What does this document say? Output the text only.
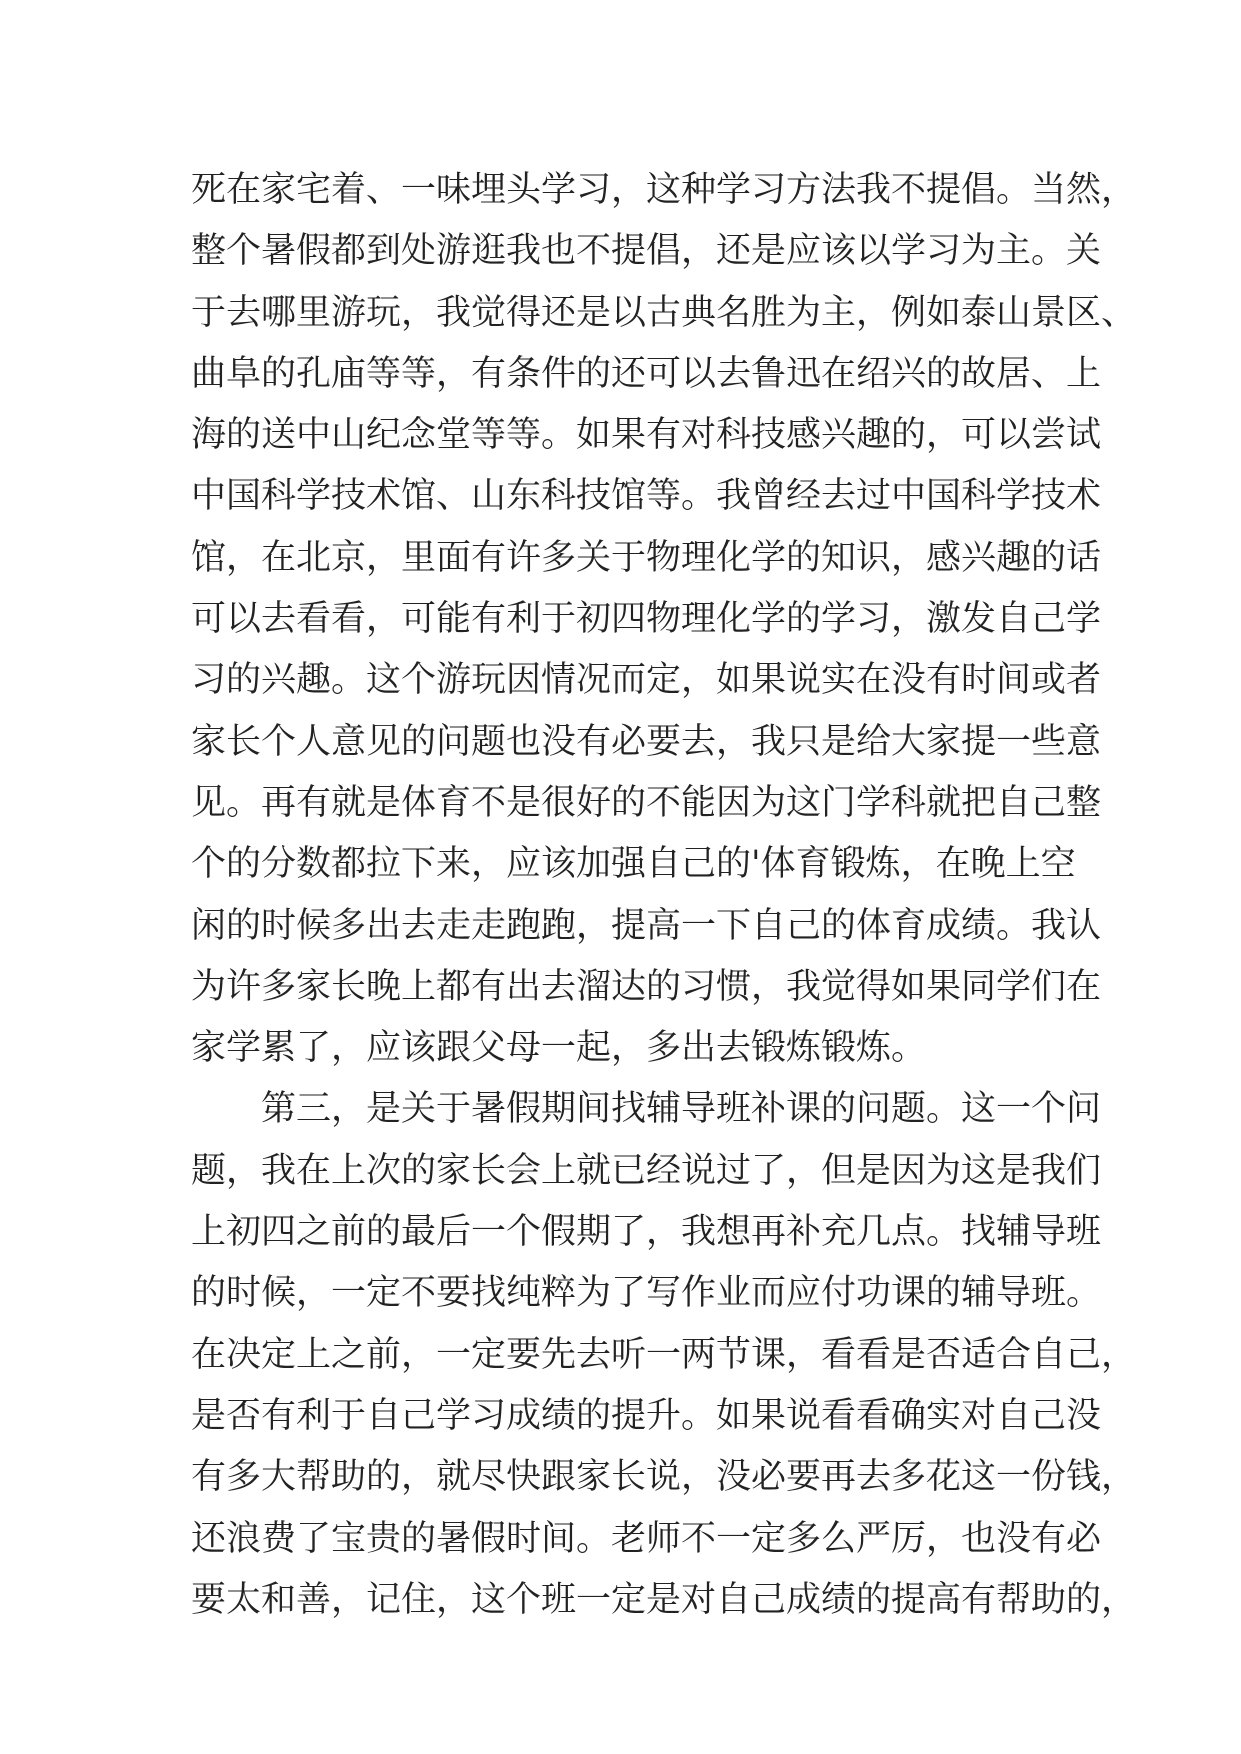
死在家宅着、一味埋头学习，这种学习方法我不提倡。当然，
整个暑假都到处游逛我也不提倡，还是应该以学习为主。关
于去哪里游玩，我觉得还是以古典名胜为主，例如泰山景区、
曲阜的孔庙等等，有条件的还可以去鲁迅在绍兴的故居、上
海的送中山纪念堂等等。如果有对科技感兴趣的，可以尝试
中国科学技术馆、山东科技馆等。我曾经去过中国科学技术
馆，在北京，里面有许多关于物理化学的知识，感兴趣的话
可以去看看，可能有利于初四物理化学的学习，激发自己学
习的兴趣。这个游玩因情况而定，如果说实在没有时间或者
家长个人意见的问题也没有必要去，我只是给大家提一些意
见。再有就是体育不是很好的不能因为这门学科就把自己整
个的分数都拉下来，应该加强自己的'体育锻炼，在晚上空
闲的时候多出去走走跑跑，提高一下自己的体育成绩。我认
为许多家长晚上都有出去溜达的习惯，我觉得如果同学们在
家学累了，应该跟父母一起，多出去锻炼锻炼。
第三，是关于暑假期间找辅导班补课的问题。这一个问
题，我在上次的家长会上就已经说过了，但是因为这是我们
上初四之前的最后一个假期了，我想再补充几点。找辅导班
的时候，一定不要找纯粹为了写作业而应付功课的辅导班。
在决定上之前，一定要先去听一两节课，看看是否适合自己，
是否有利于自己学习成绩的提升。如果说看看确实对自己没
有多大帮助的，就尽快跟家长说，没必要再去多花这一份钱，
还浪费了宝贵的暑假时间。老师不一定多么严厉，也没有必
要太和善，记住，这个班一定是对自己成绩的提高有帮助的，
